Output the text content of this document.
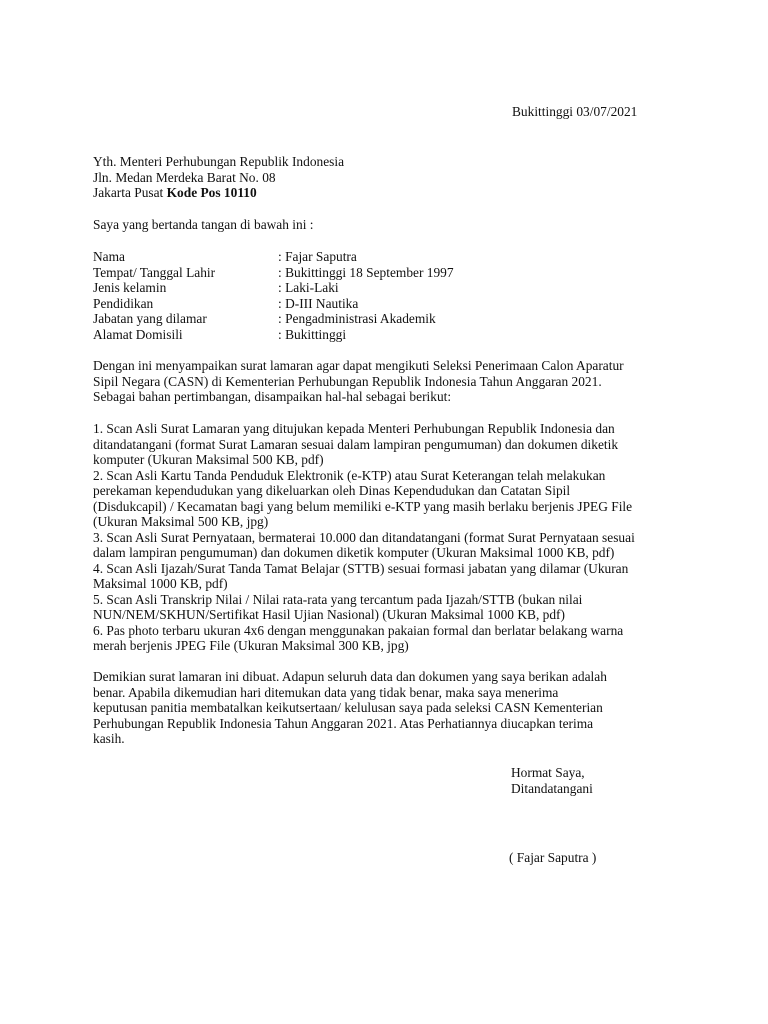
Bukittinggi 03/07/2021
Yth. Menteri Perhubungan Republik Indonesia
Jln. Medan Merdeka Barat No. 08
Jakarta Pusat Kode Pos 10110
Saya yang bertanda tangan di bawah ini :
Nama	: Fajar Saputra
Tempat/ Tanggal Lahir	: Bukittinggi 18 September 1997
Jenis kelamin	: Laki-Laki
Pendidikan	: D-III Nautika
Jabatan yang dilamar	: Pengadministrasi Akademik
Alamat Domisili	: Bukittinggi
Dengan ini menyampaikan surat lamaran agar dapat mengikuti Seleksi Penerimaan Calon Aparatur
Sipil Negara (CASN) di Kementerian Perhubungan Republik Indonesia Tahun Anggaran 2021.
Sebagai bahan pertimbangan, disampaikan hal-hal sebagai berikut:
1. Scan Asli Surat Lamaran yang ditujukan kepada Menteri Perhubungan Republik Indonesia dan
ditandatangani (format Surat Lamaran sesuai dalam lampiran pengumuman) dan dokumen diketik
komputer (Ukuran Maksimal 500 KB, pdf)
2. Scan Asli Kartu Tanda Penduduk Elektronik (e-KTP) atau Surat Keterangan telah melakukan
perekaman kependudukan yang dikeluarkan oleh Dinas Kependudukan dan Catatan Sipil
(Disdukcapil) / Kecamatan bagi yang belum memiliki e-KTP yang masih berlaku berjenis JPEG File
(Ukuran Maksimal 500 KB, jpg)
3. Scan Asli Surat Pernyataan, bermaterai 10.000 dan ditandatangani (format Surat Pernyataan sesuai
dalam lampiran pengumuman) dan dokumen diketik komputer (Ukuran Maksimal 1000 KB, pdf)
4. Scan Asli Ijazah/Surat Tanda Tamat Belajar (STTB) sesuai formasi jabatan yang dilamar (Ukuran
Maksimal 1000 KB, pdf)
5. Scan Asli Transkrip Nilai / Nilai rata-rata yang tercantum pada Ijazah/STTB (bukan nilai
NUN/NEM/SKHUN/Sertifikat Hasil Ujian Nasional) (Ukuran Maksimal 1000 KB, pdf)
6. Pas photo terbaru ukuran 4x6 dengan menggunakan pakaian formal dan berlatar belakang warna
merah berjenis JPEG File (Ukuran Maksimal 300 KB, jpg)
Demikian surat lamaran ini dibuat. Adapun seluruh data dan dokumen yang saya berikan adalah
benar. Apabila dikemudian hari ditemukan data yang tidak benar, maka saya menerima
keputusan panitia membatalkan keikutsertaan/ kelulusan saya pada seleksi CASN Kementerian
Perhubungan Republik Indonesia Tahun Anggaran 2021. Atas Perhatiannya diucapkan terima
kasih.
Hormat Saya,
Ditandatangani
( Fajar Saputra )
